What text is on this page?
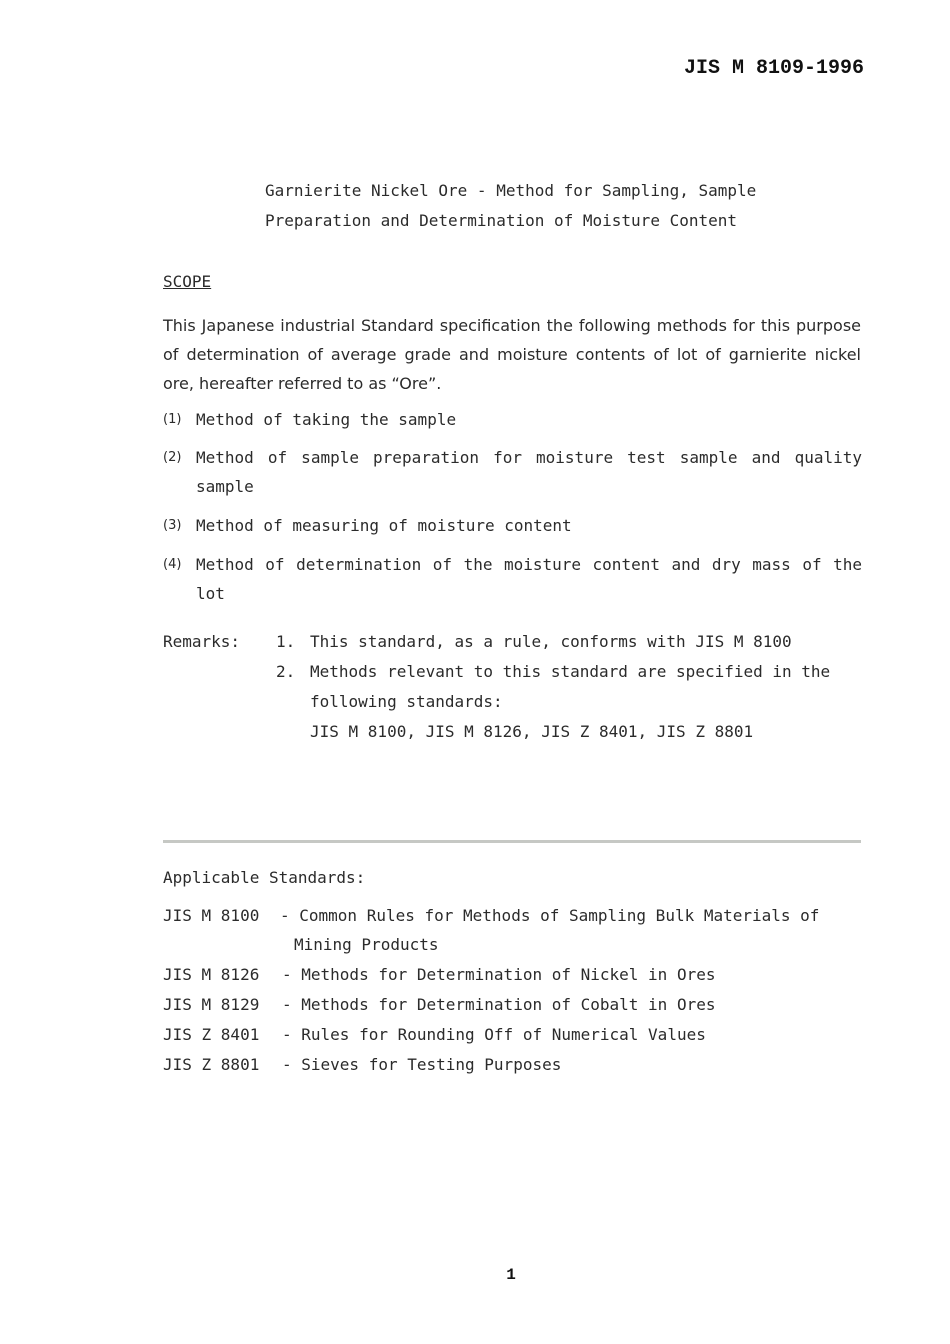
JIS M 8109-1996
Garnierite Nickel Ore - Method for Sampling, Sample
Preparation and Determination of Moisture Content
SCOPE
This Japanese industrial Standard specification the following methods for this purpose of determination of average grade and moisture contents of lot of garnierite nickel ore, hereafter referred to as “Ore”.
(1) Method of taking the sample
(2) Method of sample preparation for moisture test sample and quality sample
(3) Method of measuring of moisture content
(4) Method of determination of the moisture content and dry mass of the lot
Remarks: 1. This standard, as a rule, conforms with JIS M 8100
2. Methods relevant to this standard are specified in the following standards:
JIS M 8100, JIS M 8126, JIS Z 8401, JIS Z 8801
Applicable Standards:
JIS M 8100 - Common Rules for Methods of Sampling Bulk Materials of
Mining Products
JIS M 8126 - Methods for Determination of Nickel in Ores
JIS M 8129 - Methods for Determination of Cobalt in Ores
JIS Z 8401 - Rules for Rounding Off of Numerical Values
JIS Z 8801 - Sieves for Testing Purposes
1
